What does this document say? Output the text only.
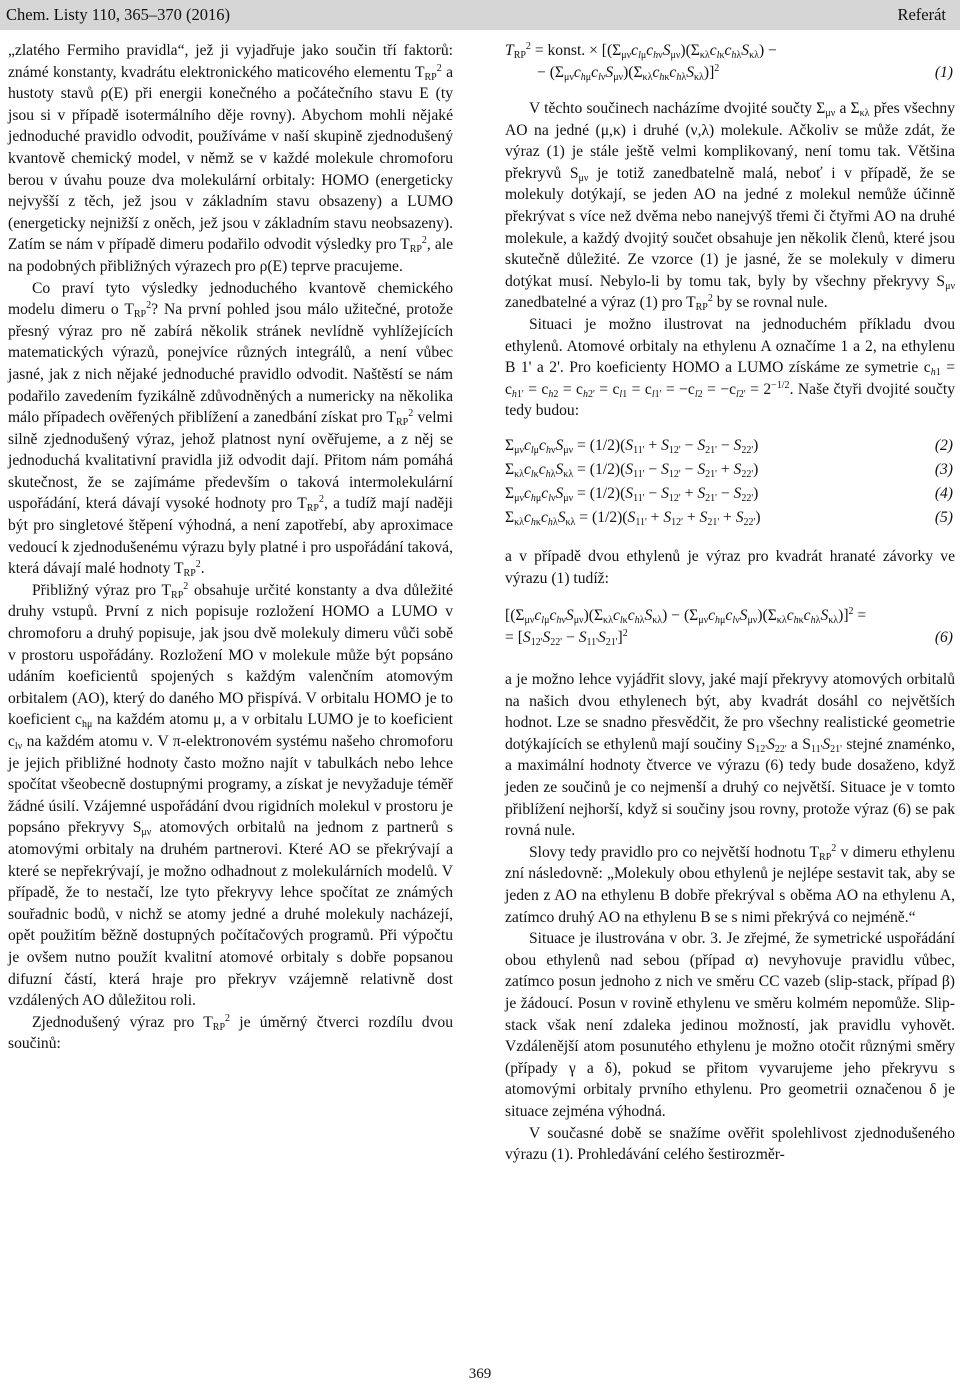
Chem. Listy 110, 365–370 (2016)	Referát

„zlatého Fermiho pravidla“, jež ji vyjadřuje jako součin tří faktorů: známé konstanty, kvadrátu elektronického maticového elementu $T_{RP}^2$ a hustoty stavů ρ(E) při energii konečného a počátečního stavu E (ty jsou si v případě isotermálního děje rovny). Abychom mohli nějaké jednoduché pravidlo odvodit, používáme v naší skupině zjednodušený kvantově chemický model, v němž se v každé molekule chromoforu berou v úvahu pouze dva molekulární orbitaly: HOMO (energeticky nejvyšší z těch, jež jsou v základním stavu obsazeny) a LUMO (energeticky nejnižší z oněch, jež jsou v základním stavu neobsazeny). Zatím se nám v případě dimeru podařilo odvodit výsledky pro $T_{RP}^2$, ale na podobných přibližných výrazech pro ρ(E) teprve pracujeme.

Co praví tyto výsledky jednoduchého kvantově chemického modelu dimeru o $T_{RP}^2$? Na první pohled jsou málo užitečné, protože přesný výraz pro ně zabírá několik stránek nevlídně vyhlížejících matematických výrazů, ponejvíce různých integrálů, a není vůbec jasné, jak z nich nějaké jednoduché pravidlo odvodit. Naštěstí se nám podařilo zavedením fyzikálně zdůvodněných a numericky na několika málo případech ověřených přiblížení a zanedbání získat pro $T_{RP}^2$ velmi silně zjednodušený výraz, jehož platnost nyní ověřujeme, a z něj se jednoduchá kvalitativní pravidla již odvodit dají. Přitom nám pomáhá skutečnost, že se zajímáme především o taková intermolekulární uspořádání, která dávají vysoké hodnoty pro $T_{RP}^2$, a tudíž mají naději být pro singletové štěpení výhodná, a není zapotřebí, aby aproximace vedoucí k zjednodušenému výrazu byly platné i pro uspořádání taková, která dávají malé hodnoty $T_{RP}^2$.

Přibližný výraz pro $T_{RP}^2$ obsahuje určité konstanty a dva důležité druhy vstupů. První z nich popisuje rozložení HOMO a LUMO v chromoforu a druhý popisuje, jak jsou dvě molekuly dimeru vůči sobě v prostoru uspořádány. Rozložení MO v molekule může být popsáno udáním koeficientů spojených s každým valenčním atomovým orbitalem (AO), který do daného MO přispívá. V orbitalu HOMO je to koeficient $c_{h\mu}$ na každém atomu μ, a v orbitalu LUMO je to koeficient $c_{l\nu}$ na každém atomu ν. V π-elektronovém systému našeho chromoforu je jejich přibližné hodnoty často možno najít v tabulkách nebo lehce spočítat všeobecně dostupnými programy, a získat je nevyžaduje téměř žádné úsilí. Vzájemné uspořádání dvou rigidních molekul v prostoru je popsáno překryvy $S_{\mu\nu}$ atomových orbitalů na jednom z partnerů s atomovými orbitaly na druhém partnerovi. Které AO se překrývají a které se nepřekrývají, je možno odhadnout z molekulárních modelů. V případě, že to nestačí, lze tyto překryvy lehce spočítat ze známých souřadnic bodů, v nichž se atomy jedné a druhé molekuly nacházejí, opět použitím běžně dostupných počítačových programů. Při výpočtu je ovšem nutno použít kvalitní atomové orbitaly s dobře popsanou difuzní částí, která hraje pro překryv vzájemně relativně dost vzdálených AO důležitou roli.

Zjednodušený výraz pro $T_{RP}^2$ je úměrný čtverci rozdílu dvou součinů:

$T_{RP}^2$ = konst. × [$(\Sigma_{\mu\nu}c_{l\mu}c_{h\nu}S_{\mu\nu})(\Sigma_{\kappa\lambda}c_{l\kappa}c_{h\lambda}S_{\kappa\lambda})$ −
− $(\Sigma_{\mu\nu}c_{h\mu}c_{l\nu}S_{\mu\nu})(\Sigma_{\kappa\lambda}c_{h\kappa}c_{h\lambda}S_{\kappa\lambda})]^2$	(1)

V těchto součinech nacházíme dvojité součty $\Sigma_{\mu\nu}$ a $\Sigma_{\kappa\lambda}$ přes všechny AO na jedné (μ,κ) i druhé (ν,λ) molekule. Ačkoliv se může zdát, že výraz (1) je stále ještě velmi komplikovaný, není tomu tak. Většina překryvů $S_{\mu\nu}$ je totiž zanedbatelně malá, neboť i v případě, že se molekuly dotýkají, se jeden AO na jedné z molekul nemůže účinně překrývat s více než dvěma nebo nanejvýš třemi či čtyřmi AO na druhé molekule, a každý dvojitý součet obsahuje jen několik členů, které jsou skutečně důležité. Ze vzorce (1) je jasné, že se molekuly v dimeru dotýkat musí. Nebylo-li by tomu tak, byly by všechny překryvy $S_{\mu\nu}$ zanedbatelné a výraz (1) pro $T_{RP}^2$ by se rovnal nule.

Situaci je možno ilustrovat na jednoduchém příkladu dvou ethylenů. Atomové orbitaly na ethylenu A označíme 1 a 2, na ethylenu B 1' a 2'. Pro koeficienty HOMO a LUMO získáme ze symetrie $c_{h1} = c_{h1'} = c_{h2} = c_{h2'} = c_{l1} = c_{l1'} = -c_{l2} = -c_{l2'} = 2^{-1/2}$. Naše čtyři dvojité součty tedy budou:

$\Sigma_{\mu\nu}c_{l\mu}c_{h\nu}S_{\mu\nu} = (1/2)(S_{11'} + S_{12'} - S_{21'} - S_{22'})$	(2)
$\Sigma_{\kappa\lambda}c_{l\kappa}c_{h\lambda}S_{\kappa\lambda} = (1/2)(S_{11'} - S_{12'} - S_{21'} + S_{22'})$	(3)
$\Sigma_{\mu\nu}c_{h\mu}c_{l\nu}S_{\mu\nu} = (1/2)(S_{11'} - S_{12'} + S_{21'} - S_{22'})$	(4)
$\Sigma_{\kappa\lambda}c_{h\kappa}c_{h\lambda}S_{\kappa\lambda} = (1/2)(S_{11'} + S_{12'} + S_{21'} + S_{22'})$	(5)

a v případě dvou ethylenů je výraz pro kvadrát hranaté závorky ve výrazu (1) tudíž:

$[(\Sigma_{\mu\nu}c_{l\mu}c_{h\nu}S_{\mu\nu})(\Sigma_{\kappa\lambda}c_{l\kappa}c_{h\lambda}S_{\kappa\lambda}) - (\Sigma_{\mu\nu}c_{h\mu}c_{l\nu}S_{\mu\nu})(\Sigma_{\kappa\lambda}c_{h\kappa}c_{h\lambda}S_{\kappa\lambda})]^2$ =
= $[S_{12'}S_{22'} - S_{11'}S_{21'}]^2$	(6)

a je možno lehce vyjádřit slovy, jaké mají překryvy atomových orbitalů na našich dvou ethylenech být, aby kvadrát dosáhl co největších hodnot. Lze se snadno přesvědčit, že pro všechny realistické geometrie dotýkajících se ethylenů mají součiny $S_{12'}S_{22'}$ a $S_{11'}S_{21'}$ stejné znaménko, a maximální hodnoty čtverce ve výrazu (6) tedy bude dosaženo, když jeden ze součinů je co nejmenší a druhý co největší. Situace je v tomto přiblížení nejhorší, když si součiny jsou rovny, protože výraz (6) se pak rovná nule.

Slovy tedy pravidlo pro co největší hodnotu $T_{RP}^2$ v dimeru ethylenu zní následovně: „Molekuly obou ethylenů je nejlépe sestavit tak, aby se jeden z AO na ethylenu B dobře překrýval s oběma AO na ethylenu A, zatímco druhý AO na ethylenu B se s nimi překrývá co nejméně.“

Situace je ilustrována v obr. 3. Je zřejmé, že symetrické uspořádání obou ethylenů nad sebou (případ α) nevyhovuje pravidlu vůbec, zatímco posun jednoho z nich ve směru CC vazeb (slip-stack, případ β) je žádoucí. Posun v rovině ethylenu ve směru kolmém nepomůže. Slip-stack však není zdaleka jedinou možností, jak pravidlu vyhovět. Vzdálenější atom posunutého ethylenu je možno otočit různými směry (případy γ a δ), pokud se přitom vyvarujeme jeho překryvu s atomovými orbitaly prvního ethylenu. Pro geometrii označenou δ je situace zejména výhodná.

V současné době se snažíme ověřit spolehlivost zjednodušeného výrazu (1). Prohledávání celého šestirozměr-

369
